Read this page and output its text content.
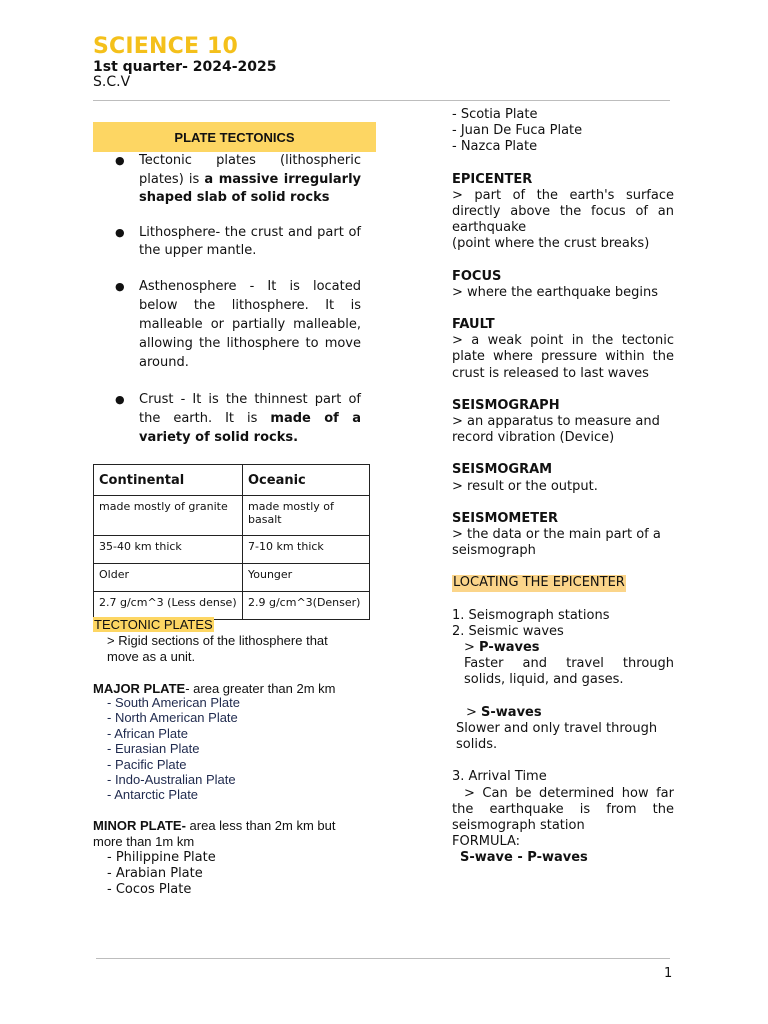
SCIENCE 10
1st quarter- 2024-2025
S.C.V
PLATE TECTONICS
● Tectonic plates (lithospheric plates) is a massive irregularly shaped slab of solid rocks
● Lithosphere- the crust and part of the upper mantle.
● Asthenosphere - It is located below the lithosphere. It is malleable or partially malleable, allowing the lithosphere to move around.
● Crust - It is the thinnest part of the earth. It is made of a variety of solid rocks.
Continental	Oceanic
made mostly of granite	made mostly of basalt
35-40 km thick	7-10 km thick
Older	Younger
2.7 g/cm^3 (Less dense)	2.9 g/cm^3(Denser)
TECTONIC PLATES
> Rigid sections of the lithosphere that move as a unit.
MAJOR PLATE- area greater than 2m km
- South American Plate
- North American Plate
- African Plate
- Eurasian Plate
- Pacific Plate
- Indo-Australian Plate
- Antarctic Plate
MINOR PLATE- area less than 2m km but more than 1m km
- Philippine Plate
- Arabian Plate
- Cocos Plate
- Scotia Plate
- Juan De Fuca Plate
- Nazca Plate
EPICENTER
> part of the earth's surface directly above the focus of an earthquake
(point where the crust breaks)
FOCUS
> where the earthquake begins
FAULT
> a weak point in the tectonic plate where pressure within the crust is released to last waves
SEISMOGRAPH
> an apparatus to measure and record vibration (Device)
SEISMOGRAM
> result or the output.
SEISMOMETER
> the data or the main part of a seismograph
LOCATING THE EPICENTER
1. Seismograph stations
2. Seismic waves
> P-waves
Faster and travel through solids, liquid, and gases.
> S-waves
Slower and only travel through solids.
3. Arrival Time
> Can be determined how far the earthquake is from the seismograph station
FORMULA:
S-wave - P-waves
1
